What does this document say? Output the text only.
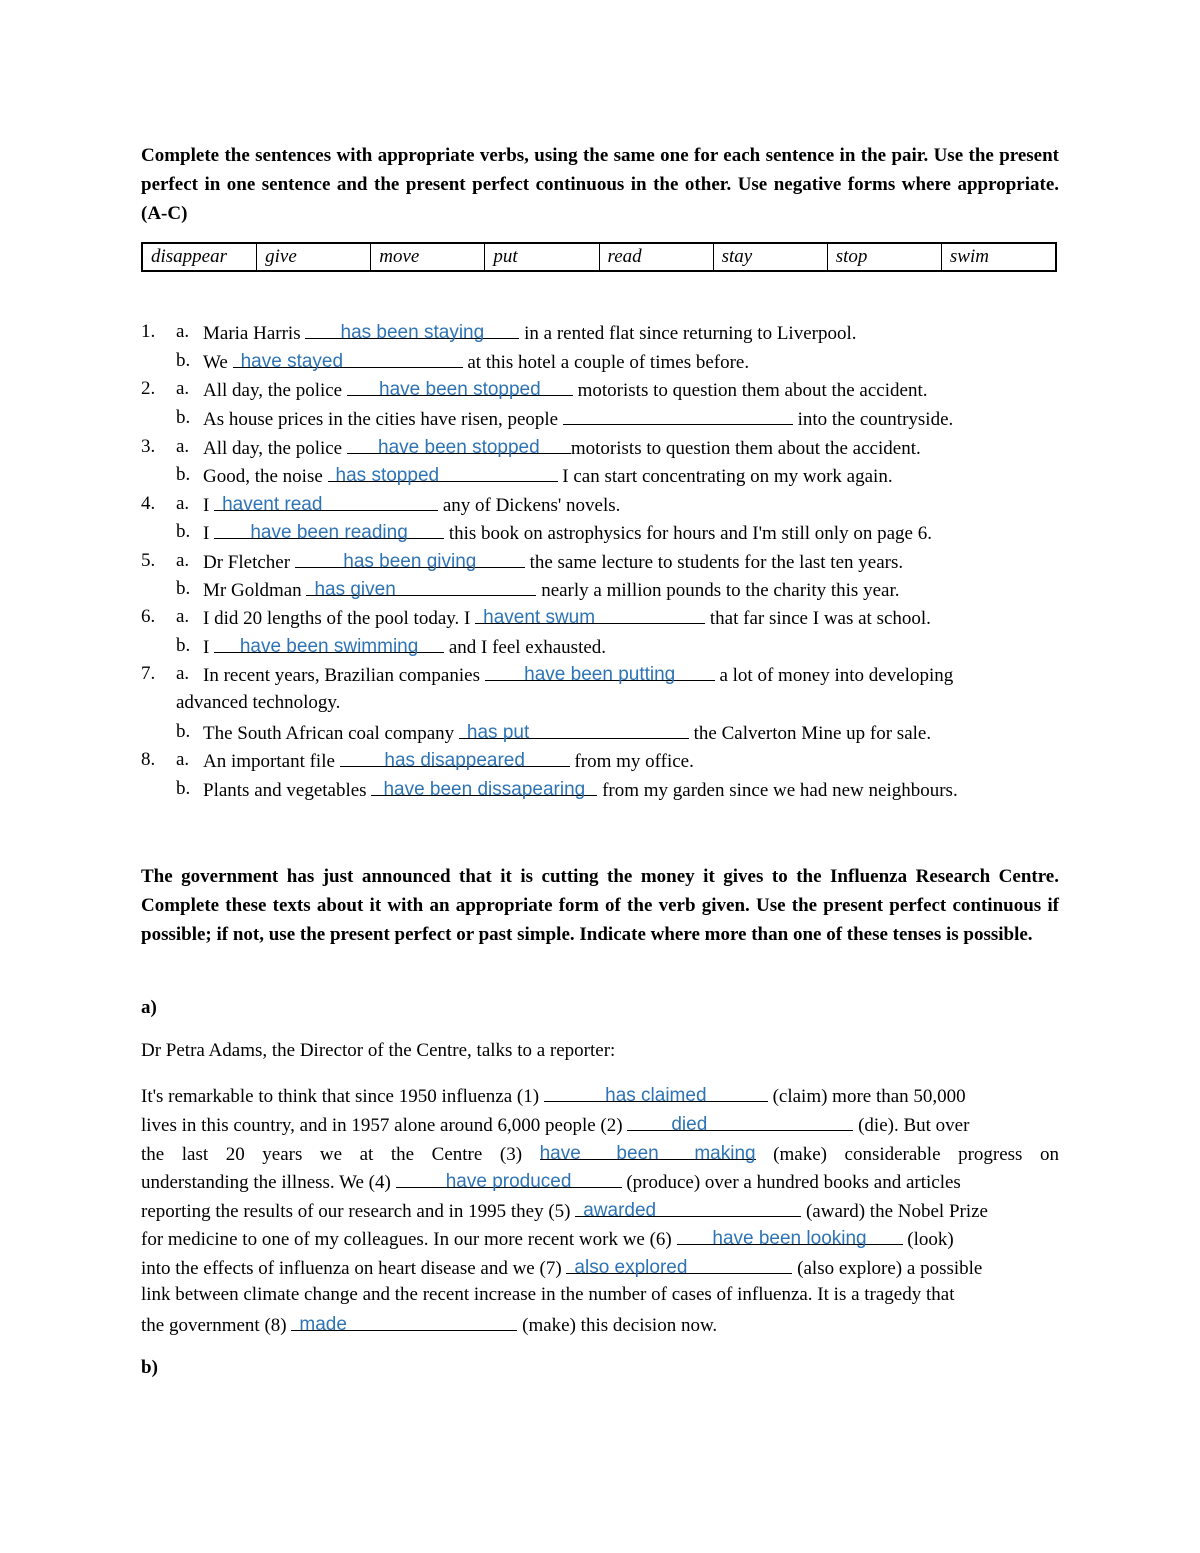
Complete the sentences with appropriate verbs, using the same one for each sentence in the pair. Use the present perfect in one sentence and the present perfect continuous in the other. Use negative forms where appropriate. (A-C)
disappear	give	move	put	read	stay	stop	swim
1.	a. Maria Harris	has been staying	in a rented flat since returning to Liverpool.
b. We have stayed	at this hotel a couple of times before.
2.	a. All day, the police	have been stopped	motorists to question them about the accident.
b. As house prices in the cities have risen, people	into the countryside.
3.	a. All day, the police	have been stopped	motorists to question them about the accident.
b. Good, the noise has stopped	I can start concentrating on my work again.
4.	a. I havent read	any of Dickens' novels.
b. I	have been reading	this book on astrophysics for hours and I'm still only on page 6.
5.	a. Dr Fletcher	has been giving	the same lecture to students for the last ten years.
b. Mr Goldman has given	nearly a million pounds to the charity this year.
6.	a. I did 20 lengths of the pool today. I havent swum	that far since I was at school.
b. I	have been swimming	and I feel exhausted.
7.	a. In recent years, Brazilian companies	have been putting	a lot of money into developing
advanced technology.
b. The South African coal company has put	the Calverton Mine up for sale.
8.	a. An important file	has disappeared	from my office.
b. Plants and vegetables have been dissapearing from my garden since we had new neighbours.
The government has just announced that it is cutting the money it gives to the Influenza Research Centre. Complete these texts about it with an appropriate form of the verb given. Use the present perfect continuous if possible; if not, use the present perfect or past simple. Indicate where more than one of these tenses is possible.
a)
Dr Petra Adams, the Director of the Centre, talks to a reporter:
It's remarkable to think that since 1950 influenza (1)	has claimed	(claim) more than 50,000
lives in this country, and in 1957 alone around 6,000 people (2)	died	(die). But over
the last 20 years we at the Centre (3) have been making (make) considerable progress on
understanding the illness. We (4)	have produced	(produce) over a hundred books and articles
reporting the results of our research and in 1995 they (5) awarded	(award) the Nobel Prize
for medicine to one of my colleagues. In our more recent work we (6)	have been looking	(look)
into the effects of influenza on heart disease and we (7) also explored	(also explore) a possible
link between climate change and the recent increase in the number of cases of influenza. It is a tragedy that
the government (8) made	(make) this decision now.
b)
